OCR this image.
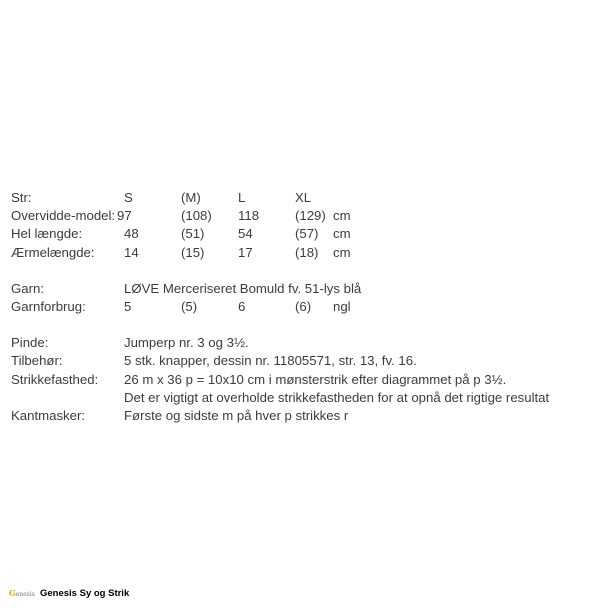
Str:	S	(M)	L	XL
Overvidde-model: 97	(108) 118	(129) cm
Hel længde:	48	(51)	54	(57) cm
Ærmelængde: 14	(15)	17	(18) cm
Garn:	LØVE Merceriseret Bomuld fv. 51-lys blå
Garnforbrug:	5	(5)	6	(6) ngl
Pinde:	Jumperp nr. 3 og 3½.
Tilbehør:	5 stk. knapper, dessin nr. 11805571, str. 13, fv. 16.
Strikkefasthed: 26 m x 36 p = 10x10 cm i mønsterstrik efter diagrammet på p 3½.
Det er vigtigt at overholde strikkefastheden for at opnå det rigtige resultat
Kantmasker:	Første og sidste m på hver p strikkes r
Genesis Genesis Sy og Strik
